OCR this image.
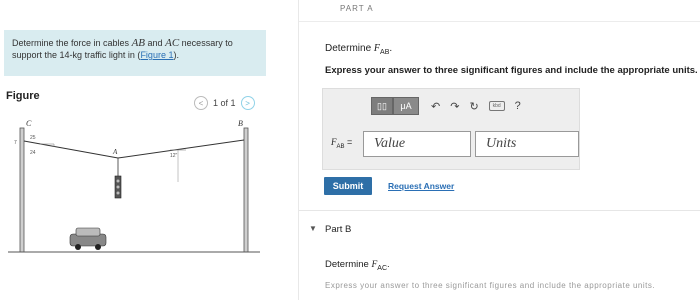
Determine the force in cables AB and AC necessary to
support the 14-kg traffic light in (Figure 1).
Figure
<	1 of 1	>
C	B
A
25
24
7
12"
PART A
Determine $F_{AB}$.
Express your answer to three significant figures and include the appropriate units.
▯▯	μA	↶ ↷ ↻	kbd	?
$F_{AB}$ =	Value	Units
Submit	Request Answer
▼ Part B
Determine $F_{AC}$.
Express your answer to three significant figures and include the appropriate units.
